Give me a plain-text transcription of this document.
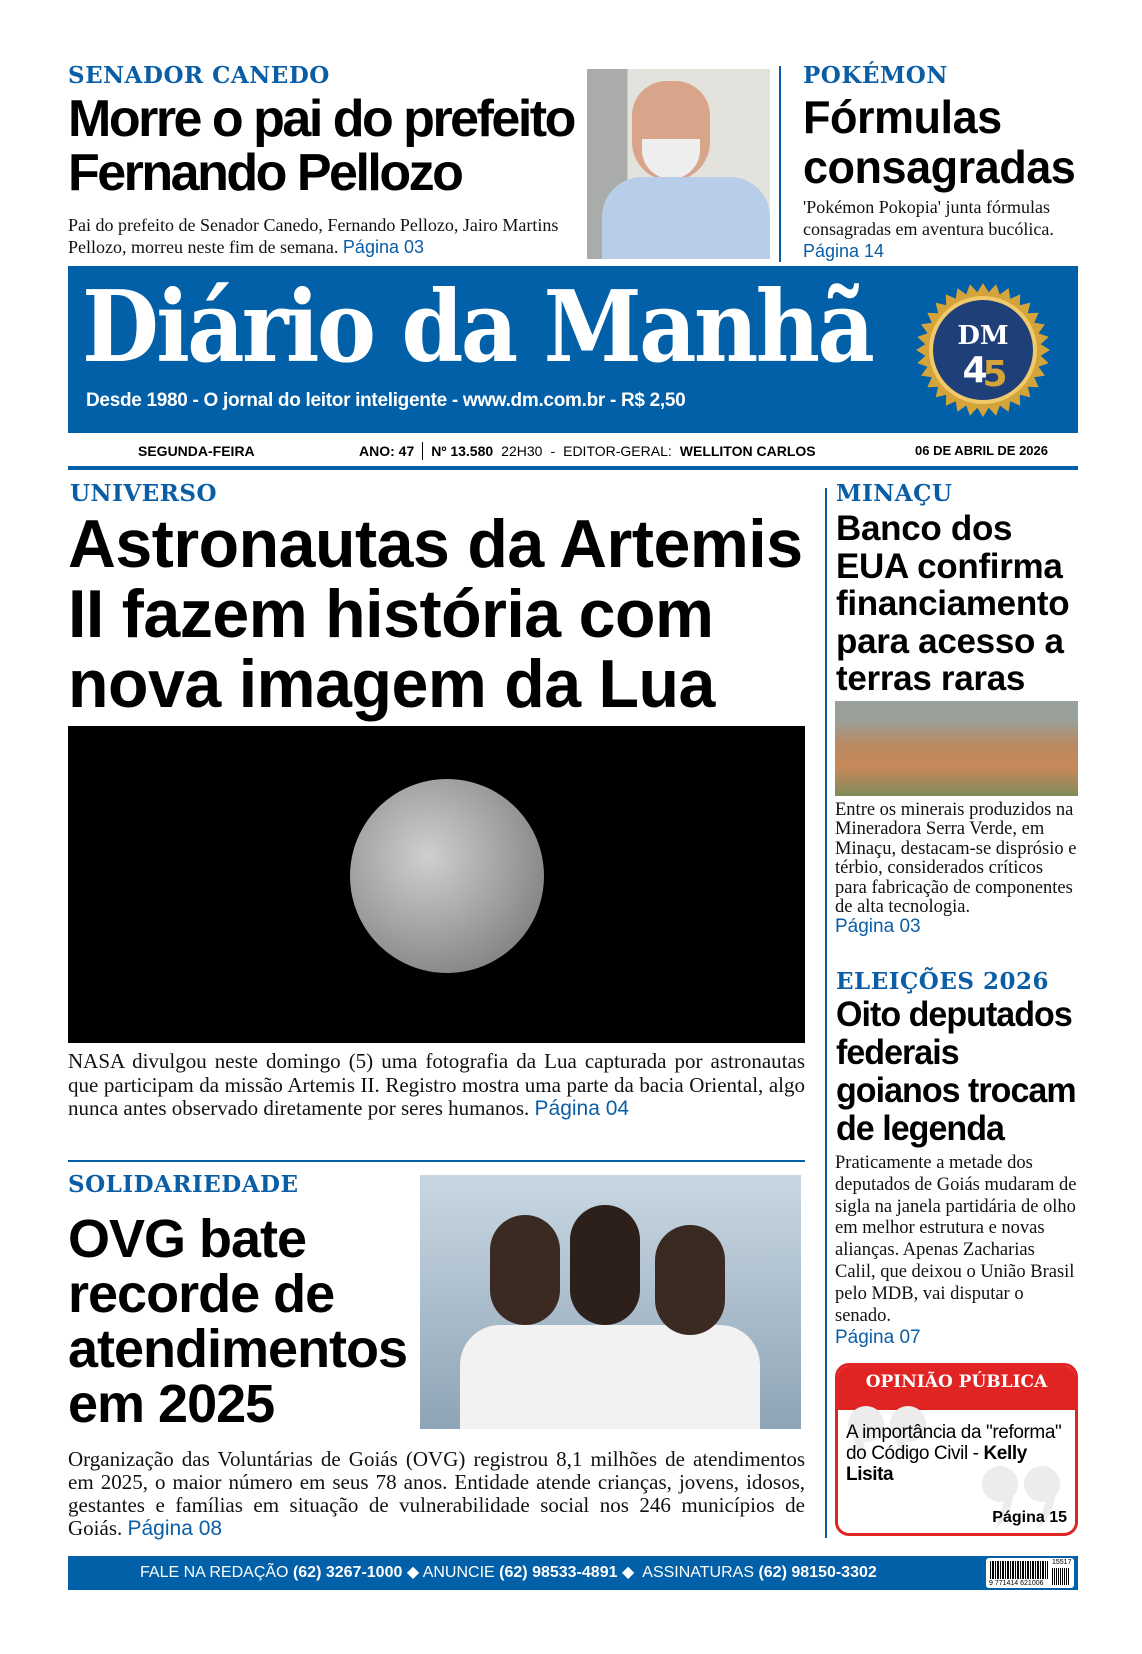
SENADOR CANEDO
Morre o pai do prefeito
Fernando Pellozo
Pai do prefeito de Senador Canedo, Fernando Pellozo, Jairo Martins Pellozo, morreu neste fim de semana. Página 03
POKÉMON
Fórmulas
consagradas
'Pokémon Pokopia' junta fórmulas consagradas em aventura bucólica. Página 14
Diário da Manhã
Desde 1980 - O jornal do leitor inteligente - www.dm.com.br - R$ 2,50
DM
4
5
SEGUNDA-FEIRA	ANO: 47 Nº 13.580 22H30 - EDITOR-GERAL: WELLITON CARLOS	06 DE ABRIL DE 2026
UNIVERSO
Astronautas da Artemis
II fazem história com
nova imagem da Lua
NASA divulgou neste domingo (5) uma fotografia da Lua capturada por astronautas que participam da missão Artemis II. Registro mostra uma parte da bacia Oriental, algo nunca antes observado diretamente por seres humanos. Página 04
SOLIDARIEDADE
OVG bate
recorde de
atendimentos
em 2025
Organização das Voluntárias de Goiás (OVG) registrou 8,1 milhões de atendimentos em 2025, o maior número em seus 78 anos. Entidade atende crianças, jovens, idosos, gestantes e famílias em situação de vulnerabilidade social nos 246 municípios de Goiás. Página 08
MINAÇU
Banco dos
EUA confirma
financiamento
para acesso a
terras raras
Entre os minerais produzidos na Mineradora Serra Verde, em Minaçu, destacam-se disprósio e térbio, considerados críticos para fabricação de componentes de alta tecnologia.
Página 03
ELEIÇÕES 2026
Oito deputados
federais
goianos trocam
de legenda
Praticamente a metade dos deputados de Goiás mudaram de sigla na janela partidária de olho em melhor estrutura e novas alianças. Apenas Zacharias Calil, que deixou o União Brasil pelo MDB, vai disputar o senado.
Página 07
OPINIÃO PÚBLICA
A importância da "reforma" do Código Civil - Kelly Lisita
Página 15
FALE NA REDAÇÃO (62) 3267-1000 ◆ ANUNCIE (62) 98533-4891 ◆ ASSINATURAS (62) 98150-3302
15517
9 771414 621006
